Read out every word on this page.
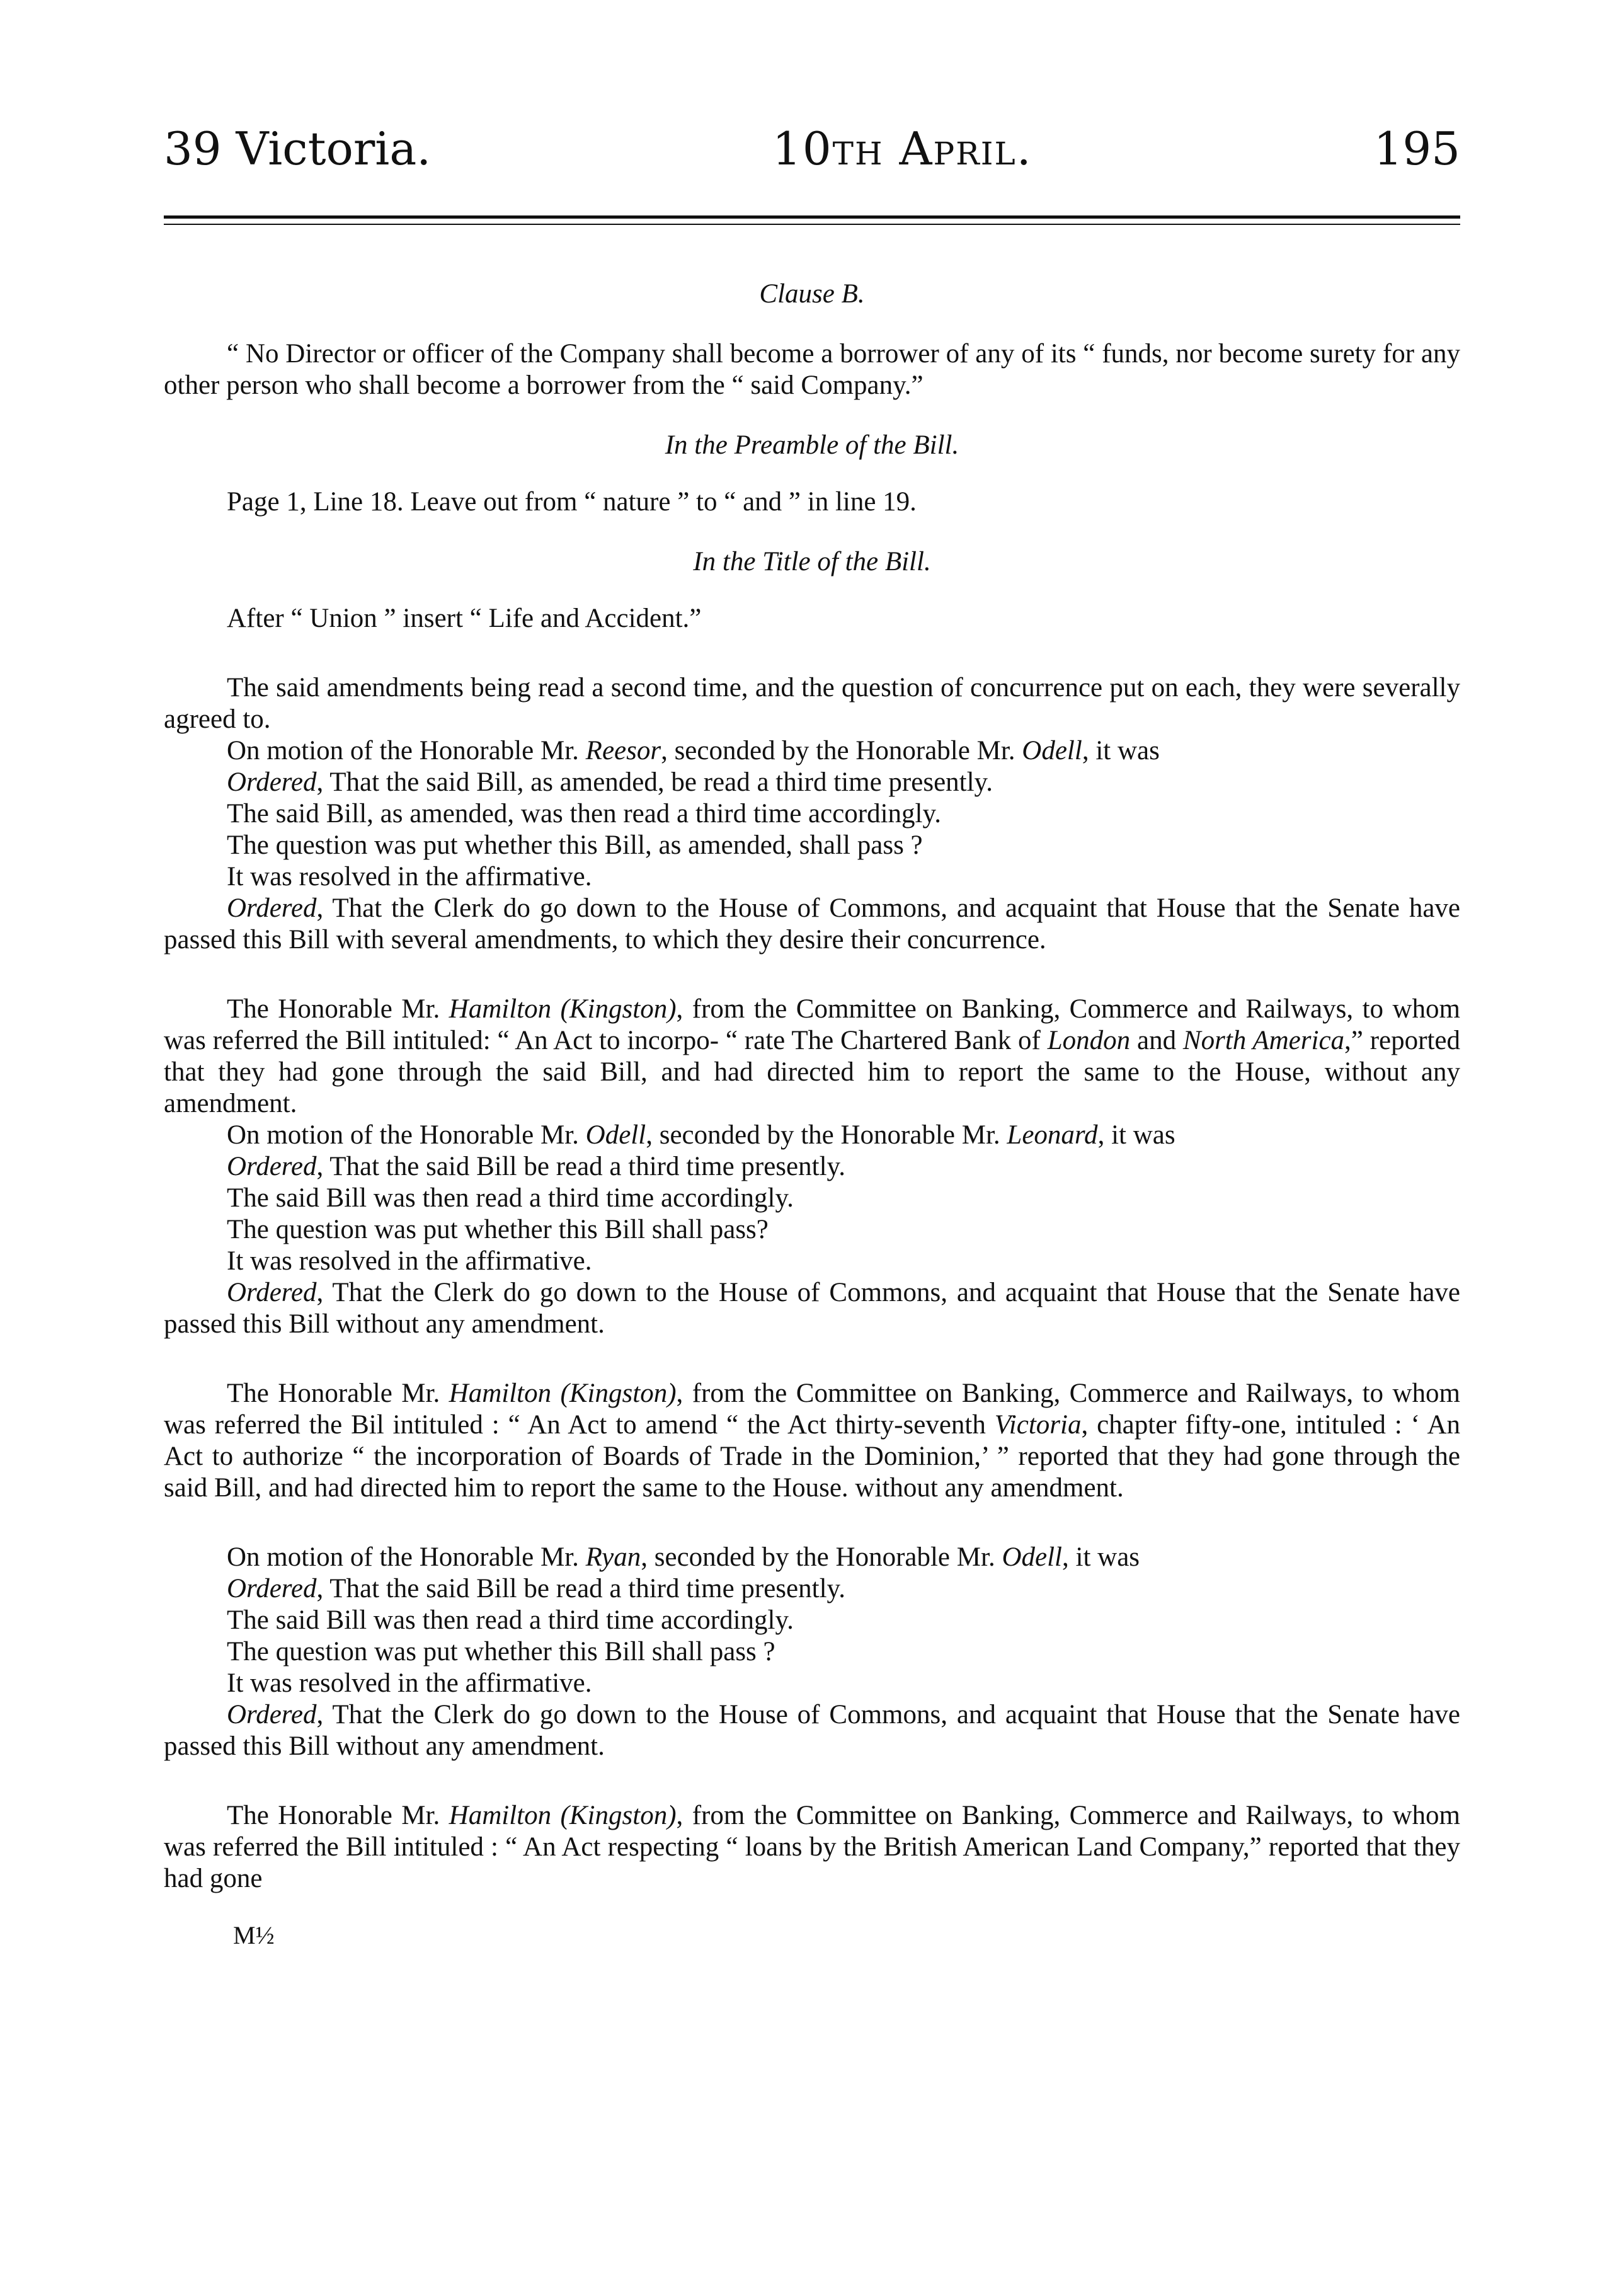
39 Victoria.	10th April.	195
Clause B.

“ No Director or officer of the Company shall become a borrower of any of its “ funds, nor become surety for any other person who shall become a borrower from the “ said Company.”

In the Preamble of the Bill.

Page 1, Line 18. Leave out from “ nature ” to “ and ” in line 19.

In the Title of the Bill.

After “ Union ” insert “ Life and Accident.”

The said amendments being read a second time, and the question of concurrence put on each, they were severally agreed to.

On motion of the Honorable Mr. Reesor, seconded by the Honorable Mr. Odell, it was

Ordered, That the said Bill, as amended, be read a third time presently.

The said Bill, as amended, was then read a third time accordingly.

The question was put whether this Bill, as amended, shall pass ?

It was resolved in the affirmative.

Ordered, That the Clerk do go down to the House of Commons, and acquaint that House that the Senate have passed this Bill with several amendments, to which they desire their concurrence.

The Honorable Mr. Hamilton (Kingston), from the Committee on Banking, Commerce and Railways, to whom was referred the Bill intituled: “ An Act to incorpo- “ rate The Chartered Bank of London and North America,” reported that they had gone through the said Bill, and had directed him to report the same to the House, without any amendment.

On motion of the Honorable Mr. Odell, seconded by the Honorable Mr. Leonard, it was

Ordered, That the said Bill be read a third time presently.

The said Bill was then read a third time accordingly.

The question was put whether this Bill shall pass?

It was resolved in the affirmative.

Ordered, That the Clerk do go down to the House of Commons, and acquaint that House that the Senate have passed this Bill without any amendment.

The Honorable Mr. Hamilton (Kingston), from the Committee on Banking, Commerce and Railways, to whom was referred the Bil intituled : “ An Act to amend “ the Act thirty-seventh Victoria, chapter fifty-one, intituled : ‘ An Act to authorize “ the incorporation of Boards of Trade in the Dominion,’ ” reported that they had gone through the said Bill, and had directed him to report the same to the House. without any amendment.

On motion of the Honorable Mr. Ryan, seconded by the Honorable Mr. Odell, it was

Ordered, That the said Bill be read a third time presently.

The said Bill was then read a third time accordingly.

The question was put whether this Bill shall pass ?

It was resolved in the affirmative.

Ordered, That the Clerk do go down to the House of Commons, and acquaint that House that the Senate have passed this Bill without any amendment.

The Honorable Mr. Hamilton (Kingston), from the Committee on Banking, Commerce and Railways, to whom was referred the Bill intituled : “ An Act respecting “ loans by the British American Land Company,” reported that they had gone

M½
